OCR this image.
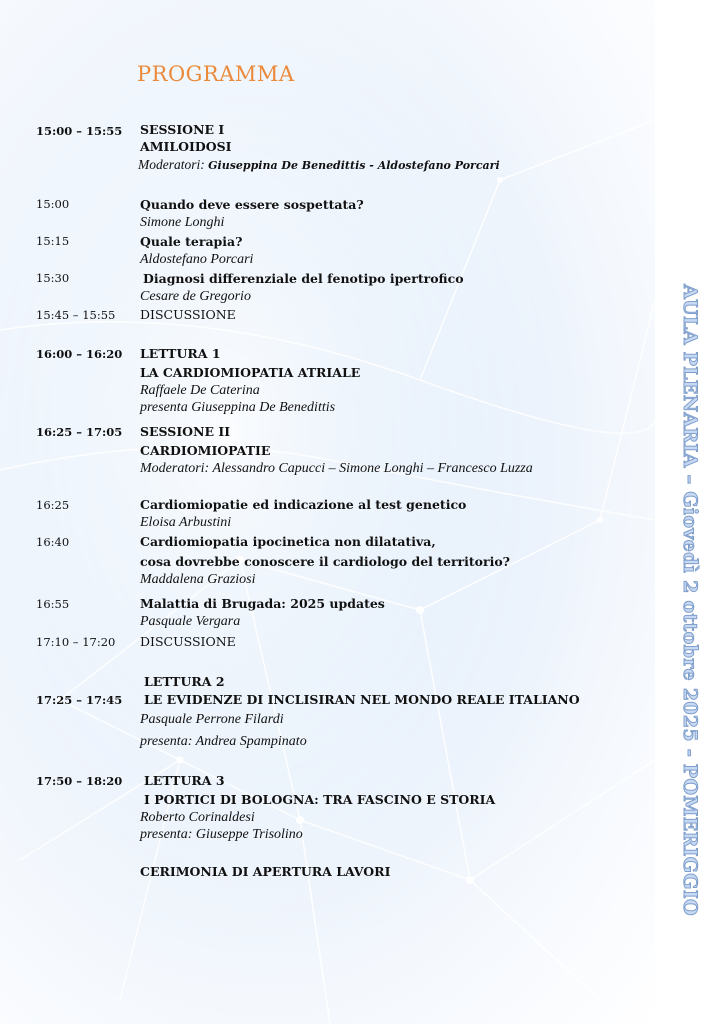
AULA PLENARIA – Giovedì 2 ottobre 2025 - POMERIGGIO
PROGRAMMA
15:00 – 15:55 SESSIONE I
AMILOIDOSI
Moderatori: Giuseppina De Benedittis - Aldostefano Porcari
15:00	Quando deve essere sospettata?
Simone Longhi
15:15	Quale terapia?
Aldostefano Porcari
15:30	Diagnosi differenziale del fenotipo ipertrofico
Cesare de Gregorio
15:45 – 15:55 DISCUSSIONE
16:00 – 16:20 LETTURA 1
LA CARDIOMIOPATIA ATRIALE
Raffaele De Caterina
presenta Giuseppina De Benedittis
16:25 – 17:05 SESSIONE II
CARDIOMIOPATIE
Moderatori: Alessandro Capucci – Simone Longhi – Francesco Luzza
16:25	Cardiomiopatie ed indicazione al test genetico
Eloisa Arbustini
16:40	Cardiomiopatia ipocinetica non dilatativa,
cosa dovrebbe conoscere il cardiologo del territorio?
Maddalena Graziosi
16:55	Malattia di Brugada: 2025 updates
Pasquale Vergara
17:10 – 17:20 DISCUSSIONE
LETTURA 2
17:25 – 17:45 LE EVIDENZE DI INCLISIRAN NEL MONDO REALE ITALIANO
Pasquale Perrone Filardi
presenta: Andrea Spampinato
17:50 – 18:20 LETTURA 3
I PORTICI DI BOLOGNA: TRA FASCINO E STORIA
Roberto Corinaldesi
presenta: Giuseppe Trisolino
CERIMONIA DI APERTURA LAVORI
